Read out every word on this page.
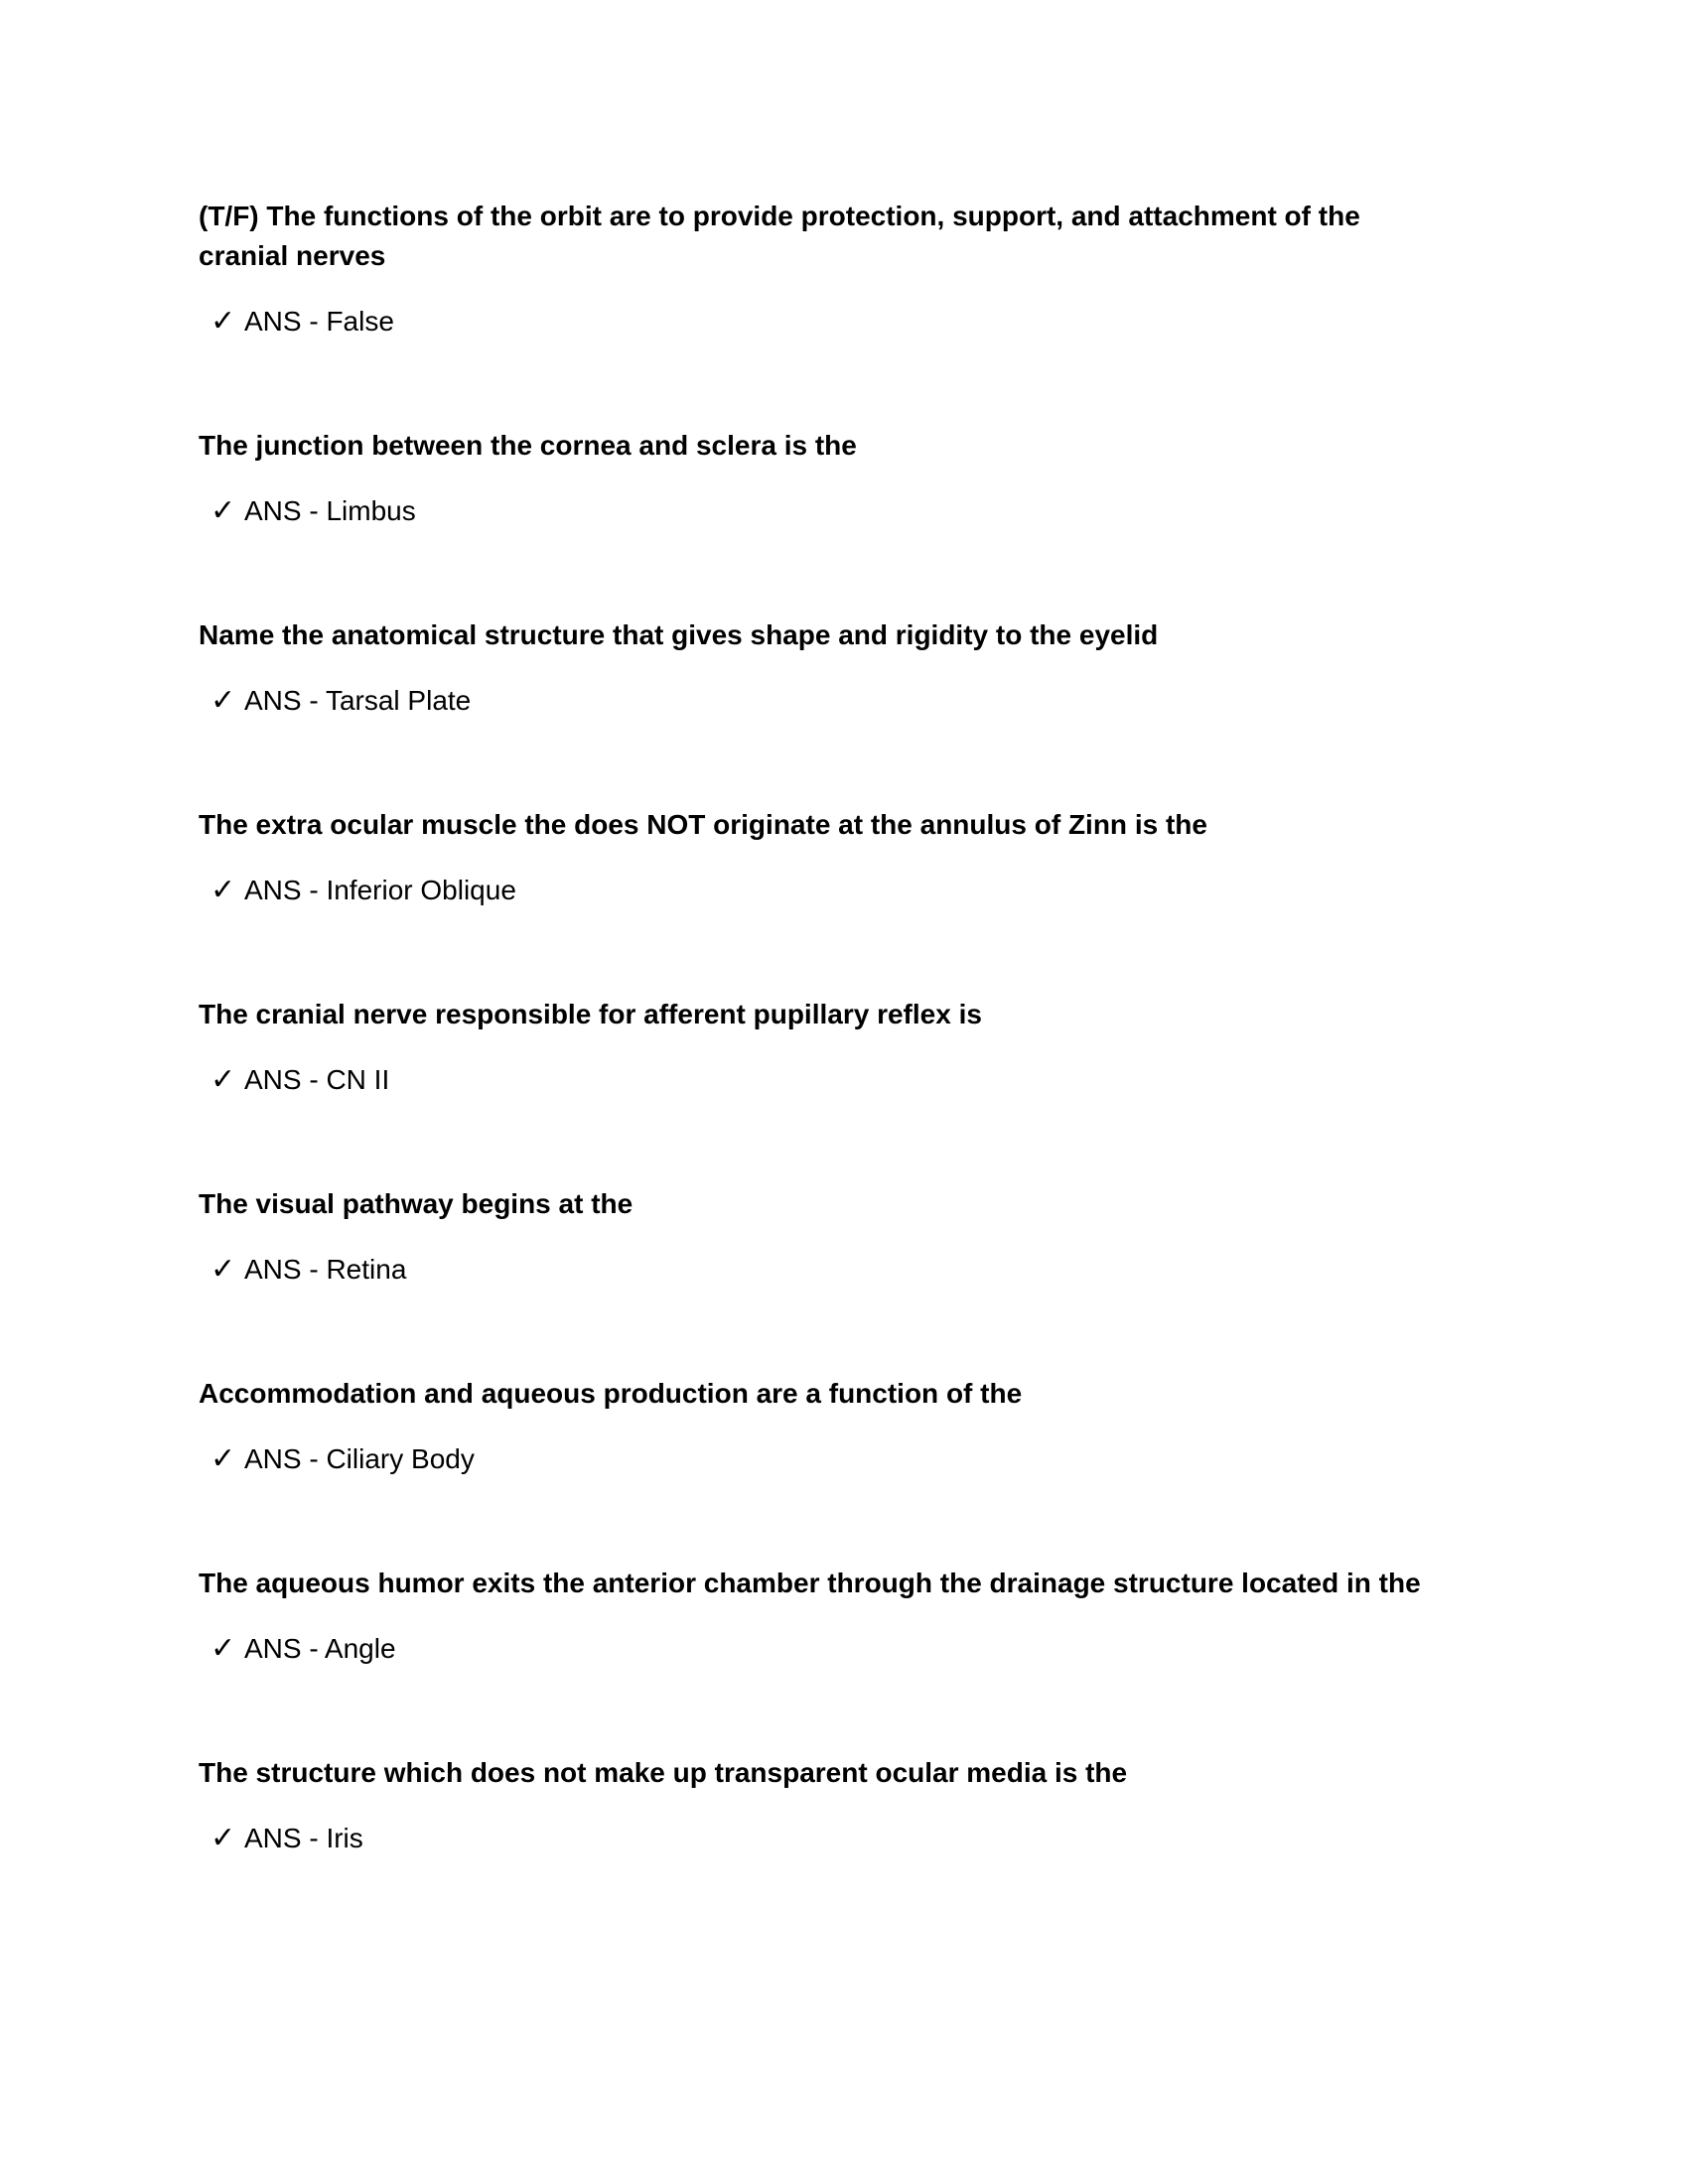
(T/F) The functions of the orbit are to provide protection, support, and attachment of the cranial nerves

✓ ANS - False

The junction between the cornea and sclera is the

✓ ANS - Limbus

Name the anatomical structure that gives shape and rigidity to the eyelid

✓ ANS - Tarsal Plate

The extra ocular muscle the does NOT originate at the annulus of Zinn is the

✓ ANS - Inferior Oblique

The cranial nerve responsible for afferent pupillary reflex is

✓ ANS - CN II

The visual pathway begins at the

✓ ANS - Retina

Accommodation and aqueous production are a function of the

✓ ANS - Ciliary Body

The aqueous humor exits the anterior chamber through the drainage structure located in the

✓ ANS - Angle

The structure which does not make up transparent ocular media is the

✓ ANS - Iris
